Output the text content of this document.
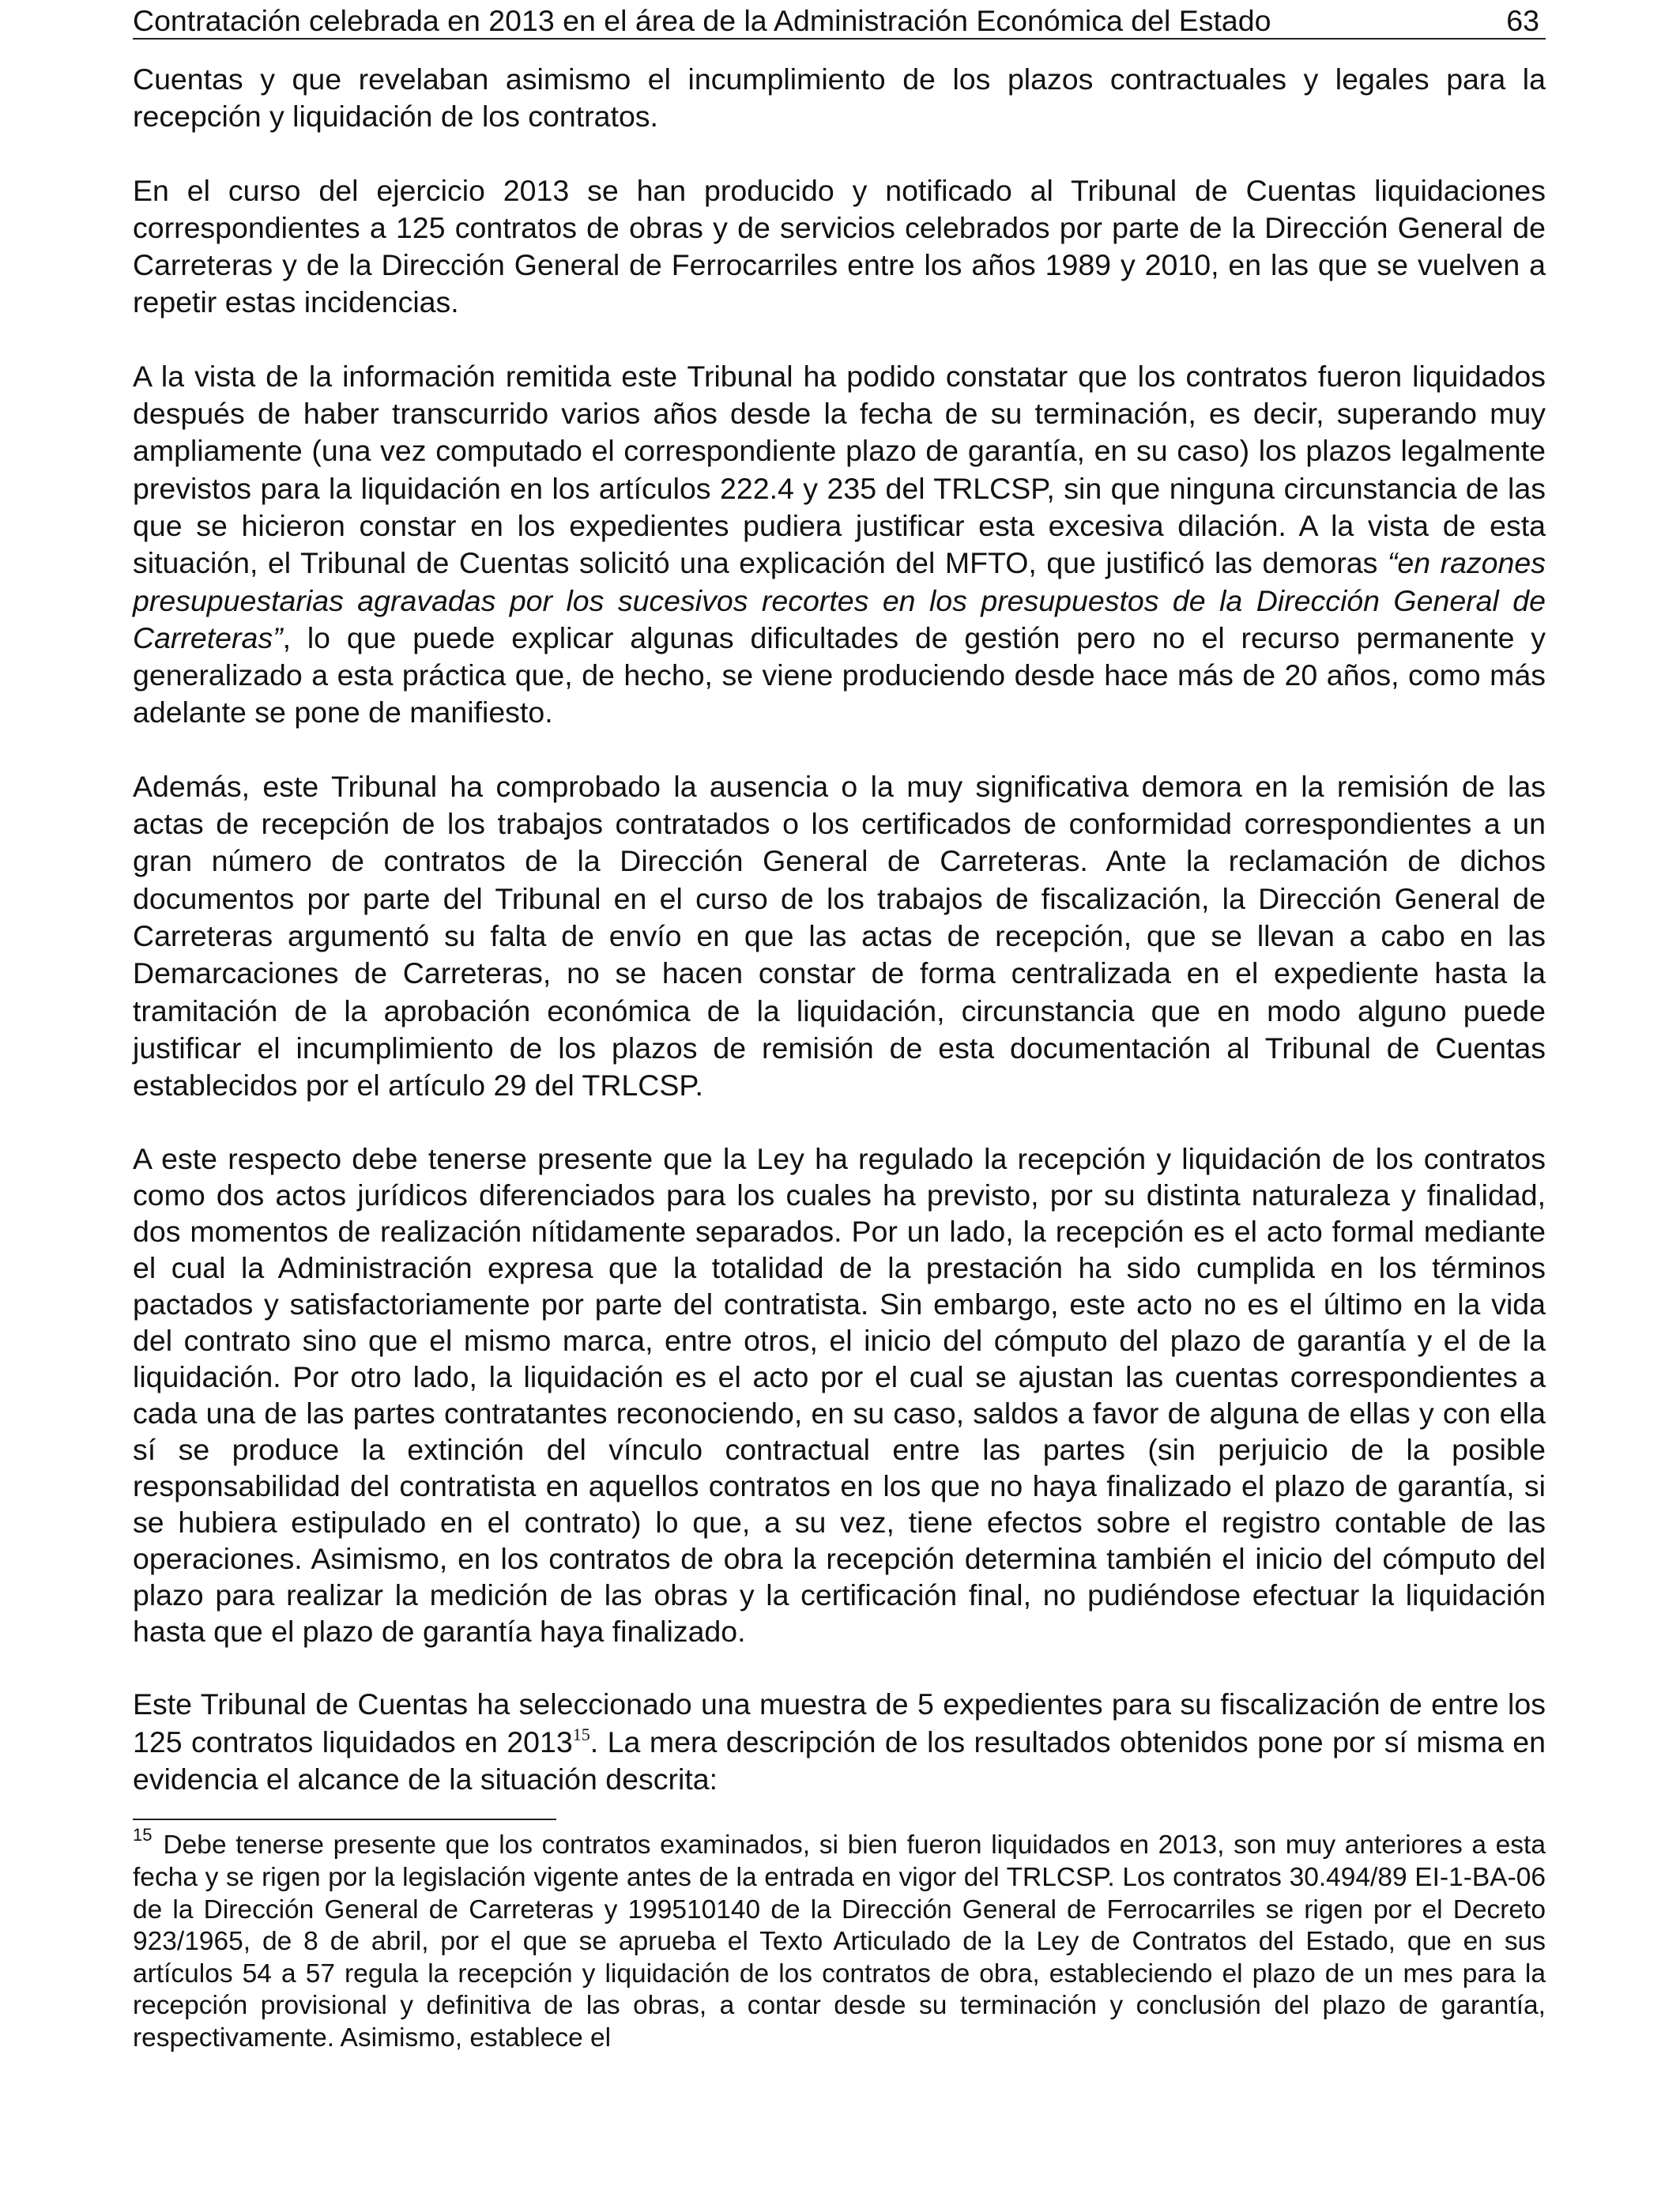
Contratación celebrada en 2013 en el área de la Administración Económica del Estado	63

Cuentas y que revelaban asimismo el incumplimiento de los plazos contractuales y legales para la recepción y liquidación de los contratos.

En el curso del ejercicio 2013 se han producido y notificado al Tribunal de Cuentas liquidaciones correspondientes a 125 contratos de obras y de servicios celebrados por parte de la Dirección General de Carreteras y de la Dirección General de Ferrocarriles entre los años 1989 y 2010, en las que se vuelven a repetir estas incidencias.

A la vista de la información remitida este Tribunal ha podido constatar que los contratos fueron liquidados después de haber transcurrido varios años desde la fecha de su terminación, es decir, superando muy ampliamente (una vez computado el correspondiente plazo de garantía, en su caso) los plazos legalmente previstos para la liquidación en los artículos 222.4 y 235 del TRLCSP, sin que ninguna circunstancia de las que se hicieron constar en los expedientes pudiera justificar esta excesiva dilación. A la vista de esta situación, el Tribunal de Cuentas solicitó una explicación del MFTO, que justificó las demoras “en razones presupuestarias agravadas por los sucesivos recortes en los presupuestos de la Dirección General de Carreteras”, lo que puede explicar algunas dificultades de gestión pero no el recurso permanente y generalizado a esta práctica que, de hecho, se viene produciendo desde hace más de 20 años, como más adelante se pone de manifiesto.

Además, este Tribunal ha comprobado la ausencia o la muy significativa demora en la remisión de las actas de recepción de los trabajos contratados o los certificados de conformidad correspondientes a un gran número de contratos de la Dirección General de Carreteras. Ante la reclamación de dichos documentos por parte del Tribunal en el curso de los trabajos de fiscalización, la Dirección General de Carreteras argumentó su falta de envío en que las actas de recepción, que se llevan a cabo en las Demarcaciones de Carreteras, no se hacen constar de forma centralizada en el expediente hasta la tramitación de la aprobación económica de la liquidación, circunstancia que en modo alguno puede justificar el incumplimiento de los plazos de remisión de esta documentación al Tribunal de Cuentas establecidos por el artículo 29 del TRLCSP.

A este respecto debe tenerse presente que la Ley ha regulado la recepción y liquidación de los contratos como dos actos jurídicos diferenciados para los cuales ha previsto, por su distinta naturaleza y finalidad, dos momentos de realización nítidamente separados. Por un lado, la recepción es el acto formal mediante el cual la Administración expresa que la totalidad de la prestación ha sido cumplida en los términos pactados y satisfactoriamente por parte del contratista. Sin embargo, este acto no es el último en la vida del contrato sino que el mismo marca, entre otros, el inicio del cómputo del plazo de garantía y el de la liquidación. Por otro lado, la liquidación es el acto por el cual se ajustan las cuentas correspondientes a cada una de las partes contratantes reconociendo, en su caso, saldos a favor de alguna de ellas y con ella sí se produce la extinción del vínculo contractual entre las partes (sin perjuicio de la posible responsabilidad del contratista en aquellos contratos en los que no haya finalizado el plazo de garantía, si se hubiera estipulado en el contrato) lo que, a su vez, tiene efectos sobre el registro contable de las operaciones. Asimismo, en los contratos de obra la recepción determina también el inicio del cómputo del plazo para realizar la medición de las obras y la certificación final, no pudiéndose efectuar la liquidación hasta que el plazo de garantía haya finalizado.

Este Tribunal de Cuentas ha seleccionado una muestra de 5 expedientes para su fiscalización de entre los 125 contratos liquidados en 2013$^{15}$. La mera descripción de los resultados obtenidos pone por sí misma en evidencia el alcance de la situación descrita:

$^{15}$ Debe tenerse presente que los contratos examinados, si bien fueron liquidados en 2013, son muy anteriores a esta fecha y se rigen por la legislación vigente antes de la entrada en vigor del TRLCSP. Los contratos 30.494/89 EI-1-BA-06 de la Dirección General de Carreteras y 199510140 de la Dirección General de Ferrocarriles se rigen por el Decreto 923/1965, de 8 de abril, por el que se aprueba el Texto Articulado de la Ley de Contratos del Estado, que en sus artículos 54 a 57 regula la recepción y liquidación de los contratos de obra, estableciendo el plazo de un mes para la recepción provisional y definitiva de las obras, a contar desde su terminación y conclusión del plazo de garantía, respectivamente. Asimismo, establece el
